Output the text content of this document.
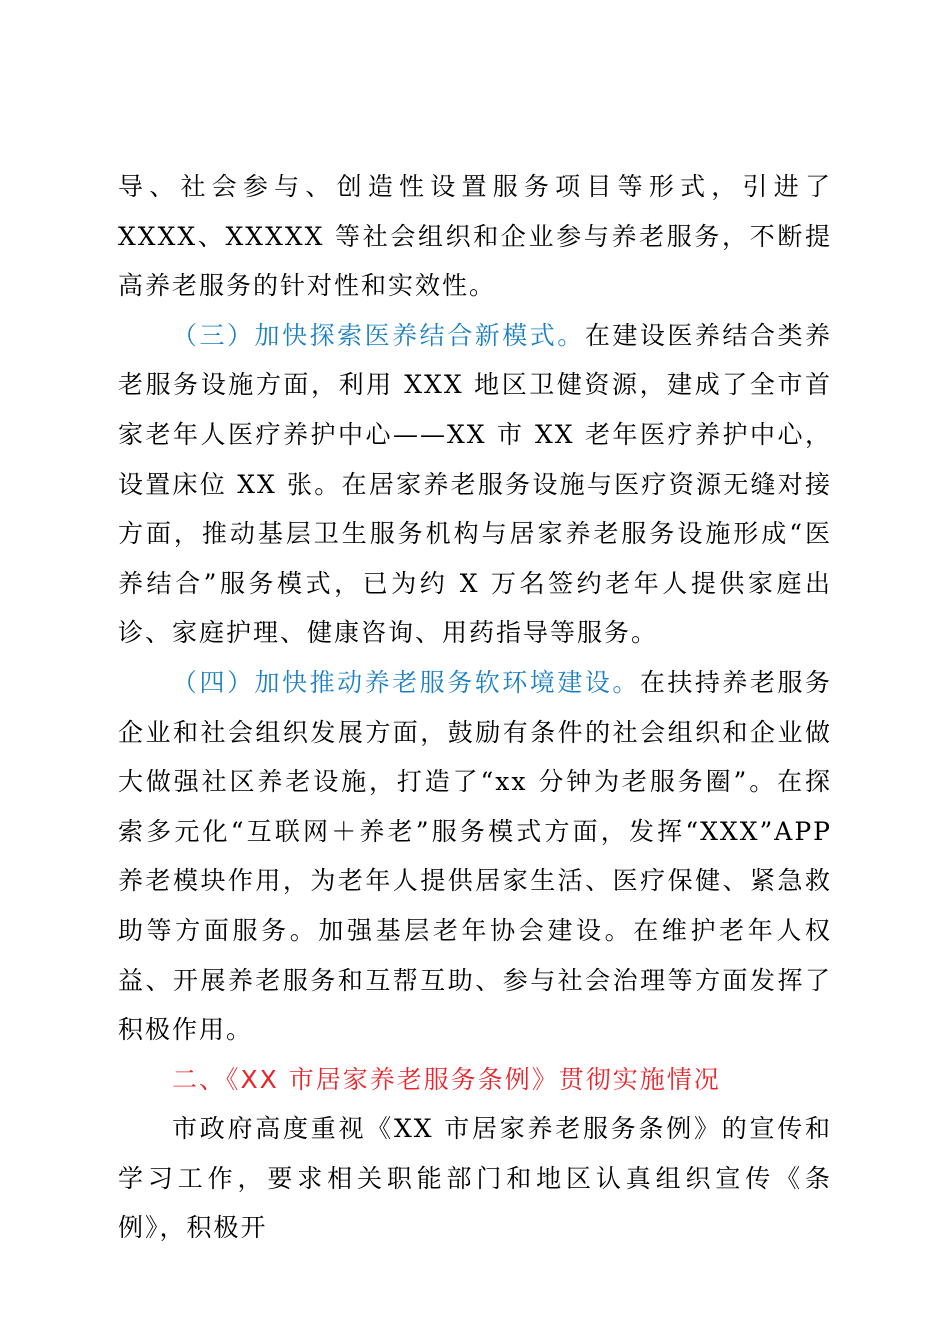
导、社会参与、创造性设置服务项目等形式，引进了 XXXX、XXXXX 等社会组织和企业参与养老服务，不断提高养老服务的针对性和实效性。

（三）加快探索医养结合新模式。在建设医养结合类养老服务设施方面，利用 XXX 地区卫健资源，建成了全市首家老年人医疗养护中心——XX 市 XX 老年医疗养护中心，设置床位 XX 张。在居家养老服务设施与医疗资源无缝对接方面，推动基层卫生服务机构与居家养老服务设施形成“医养结合”服务模式，已为约 X 万名签约老年人提供家庭出诊、家庭护理、健康咨询、用药指导等服务。

（四）加快推动养老服务软环境建设。在扶持养老服务企业和社会组织发展方面，鼓励有条件的社会组织和企业做大做强社区养老设施，打造了“xx 分钟为老服务圈”。在探索多元化“互联网＋养老”服务模式方面，发挥“XXX”APP 养老模块作用，为老年人提供居家生活、医疗保健、紧急救助等方面服务。加强基层老年协会建设。在维护老年人权益、开展养老服务和互帮互助、参与社会治理等方面发挥了积极作用。

二、《XX 市居家养老服务条例》贯彻实施情况

市政府高度重视《XX 市居家养老服务条例》的宣传和学习工作，要求相关职能部门和地区认真组织宣传《条例》，积极开
